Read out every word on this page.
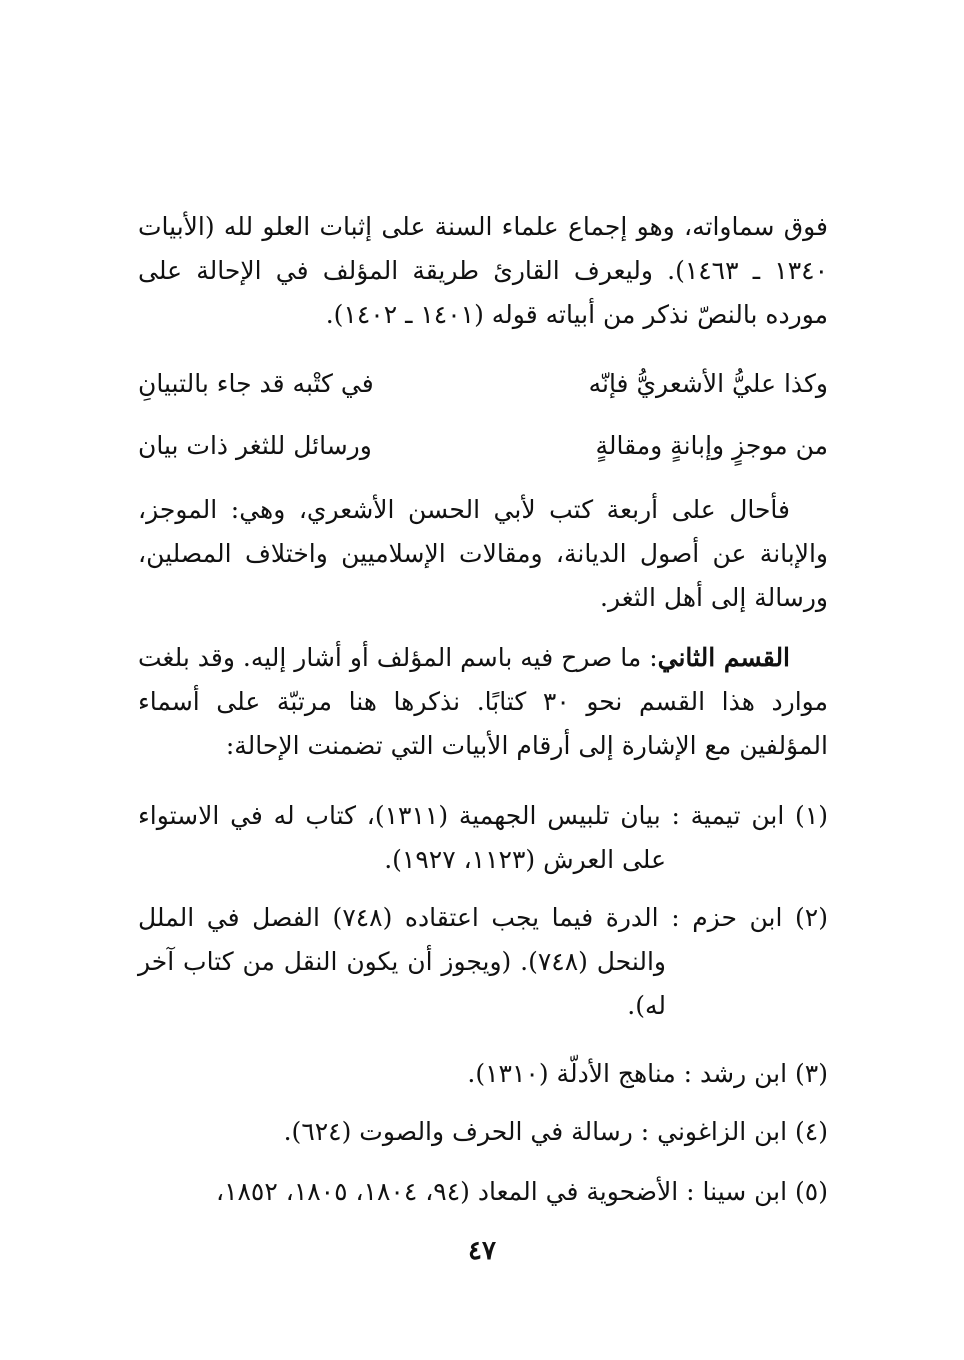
فوق سماواته، وهو إجماع علماء السنة على إثبات العلو لله (الأبيات ١٣٤٠ ـ ١٤٦٣). وليعرف القارئ طريقة المؤلف في الإحالة على مورده بالنصّ نذكر من أبياته قوله (١٤٠١ ـ ١٤٠٢).
وكذا عليُّ الأشعريُّ فإنّه
في كتْبه قد جاء بالتبيانِ
من موجزٍ وإبانةٍ ومقالةٍ
ورسائل للثغر ذات بيان
فأحال على أربعة كتب لأبي الحسن الأشعري، وهي: الموجز، والإبانة عن أصول الديانة، ومقالات الإسلاميين واختلاف المصلين، ورسالة إلى أهل الثغر.
القسم الثاني: ما صرح فيه باسم المؤلف أو أشار إليه. وقد بلغت موارد هذا القسم نحو ٣٠ كتابًا. نذكرها هنا مرتبّة على أسماء المؤلفين مع الإشارة إلى أرقام الأبيات التي تضمنت الإحالة:
(١) ابن تيمية : بيان تلبيس الجهمية (١٣١١)، كتاب له في الاستواء على العرش (١١٢٣، ١٩٢٧).
(٢) ابن حزم : الدرة فيما يجب اعتقاده (٧٤٨) الفصل في الملل والنحل (٧٤٨). (ويجوز أن يكون النقل من كتاب آخر له).
(٣) ابن رشد : مناهج الأدلّة (١٣١٠).
(٤) ابن الزاغوني : رسالة في الحرف والصوت (٦٢٤).
(٥) ابن سينا : الأضحوية في المعاد (٩٤، ١٨٠٤، ١٨٠٥، ١٨٥٢،
٤٧
